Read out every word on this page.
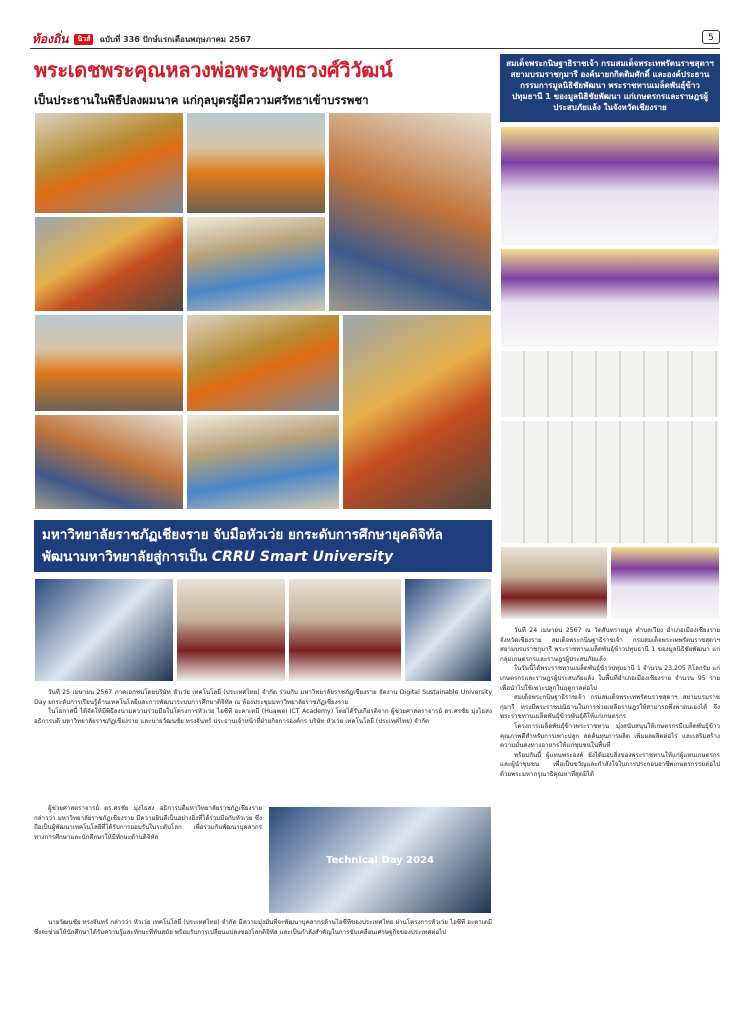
ท้องถิ่น	นิวส์	ฉบับที่ 336 ปักษ์แรกเดือนพฤษภาคม 2567	5
พระเดชพระคุณหลวงพ่อพระพุทธวงศ์วิวัฒน์
เป็นประธานในพิธีปลงผมนาค แก่กุลบุตรผู้มีความศรัทธาเข้าบรรพชา
มหาวิทยาลัยราชภัฏเชียงราย จับมือหัวเว่ย ยกระดับการศึกษายุคดิจิทัล
พัฒนามหาวิทยาลัยสู่การเป็น CRRU Smart University

วันที่ 25 เมษายน 2567 ภาคเอกชนโดยบริษัท หัวเว่ย เทคโนโลยี่ (ประเทศไทย) จำกัด ร่วมกับ มหาวิทยาลัยราชภัฏเชียงราย จัดงาน Digital Sustainable University Day ยกระดับการเรียนรู้ด้านเทคโนโลยีและการพัฒนาระบบการศึกษาดิจิทัล ณ ห้องประชุมมหาวิทยาลัยราชภัฏเชียงราย

ในโอกาสนี้ ได้จัดให้มีพิธีลงนามความร่วมมือในโครงการหัวเว่ย ไอซีที อะคาเดมี (Huawei ICT Academy) โดยได้รับเกียรติจาก ผู้ช่วยศาสตราจารย์ ดร.ศรชัย มุ่งไธสง อธิการบดี มหาวิทยาลัยราชภัฏเชียงราย และนายวัฒนชัย ทรงจันทร์ ประธานเจ้าหน้าที่ฝ่ายกิจการองค์กร บริษัท หัวเว่ย เทคโนโลยี่ (ประเทศไทย) จำกัด

ผู้ช่วยศาสตราจารย์ ดร.ศรชัย มุ่งไธสง อธิการบดีมหาวิทยาลัยราชภัฏเชียงราย กล่าวว่า มหาวิทยาลัยราชภัฏเชียงราย มีความยินดีเป็นอย่างยิ่งที่ได้ร่วมมือกับหัวเว่ย ซึ่งถือเป็นผู้พัฒนาเทคโนโลยีที่ได้รับการยอมรับในระดับโลก เพื่อร่วมกันพัฒนาบุคลากรทางการศึกษาและนักศึกษาให้มีทักษะด้านดิจิทัล

Technical Day 2024

นายวัฒนชัย ทรงจันทร์ กล่าวว่า หัวเว่ย เทคโนโลยี่ (ประเทศไทย) จำกัด มีความมุ่งมั่นที่จะพัฒนาบุคลากรด้านไอซีทีของประเทศไทย ผ่านโครงการหัวเว่ย ไอซีที อะคาเดมี ซึ่งจะช่วยให้นักศึกษาได้รับความรู้และทักษะที่ทันสมัย พร้อมรับการเปลี่ยนแปลงของโลกดิจิทัล และเป็นกำลังสำคัญในการขับเคลื่อนเศรษฐกิจของประเทศต่อไป

สมเด็จพระกนิษฐาธิราชเจ้า กรมสมเด็จพระเทพรัตนราชสุดาฯ สยามบรมราชกุมารี องค์นายกกิตติมศักดิ์ และองค์ประธานกรรมการมูลนิธิชัยพัฒนา พระราชทานเมล็ดพันธุ์ข้าวปทุมธานี 1 ของมูลนิธิชัยพัฒนา แก่เกษตรกรและราษฎรผู้ประสบภัยแล้ง ในจังหวัดเชียงราย

วันที่ 24 เมษายน 2567 ณ วัดสันทรายมูล ตำบลเวียง อำเภอเมืองเชียงราย จังหวัดเชียงราย สมเด็จพระกนิษฐาธิราชเจ้า กรมสมเด็จพระเทพรัตนราชสุดาฯ สยามบรมราชกุมารี พระราชทานเมล็ดพันธุ์ข้าวปทุมธานี 1 ของมูลนิธิชัยพัฒนา แก่กลุ่มเกษตรกรและราษฎรผู้ประสบภัยแล้ง

ในวันนี้ได้พระราชทานเมล็ดพันธุ์ข้าวปทุมธานี 1 จำนวน 23,205 กิโลกรัม แก่เกษตรกรและราษฎรผู้ประสบภัยแล้ง ในพื้นที่อำเภอเมืองเชียงราย จำนวน 95 ราย เพื่อนำไปใช้เพาะปลูกในฤดูกาลต่อไป

สมเด็จพระกนิษฐาธิราชเจ้า กรมสมเด็จพระเทพรัตนราชสุดาฯ สยามบรมราชกุมารี ทรงมีพระราชปณิธานในการช่วยเหลือราษฎรให้สามารถพึ่งพาตนเองได้ จึงพระราชทานเมล็ดพันธุ์ข้าวพันธุ์ดีให้แก่เกษตรกร

โครงการเมล็ดพันธุ์ข้าวพระราชทาน มุ่งสนับสนุนให้เกษตรกรมีเมล็ดพันธุ์ข้าวคุณภาพดีสำหรับการเพาะปลูก ลดต้นทุนการผลิต เพิ่มผลผลิตต่อไร่ และเสริมสร้างความมั่นคงทางอาหารให้แก่ชุมชนในพื้นที่

พร้อมกันนี้ ผู้แทนพระองค์ ยังได้มอบสิ่งของพระราชทานให้แก่ผู้แทนเกษตรกรและผู้นำชุมชน เพื่อเป็นขวัญและกำลังใจในการประกอบอาชีพเกษตรกรรมต่อไป ด้วยพระมหากรุณาธิคุณหาที่สุดมิได้
